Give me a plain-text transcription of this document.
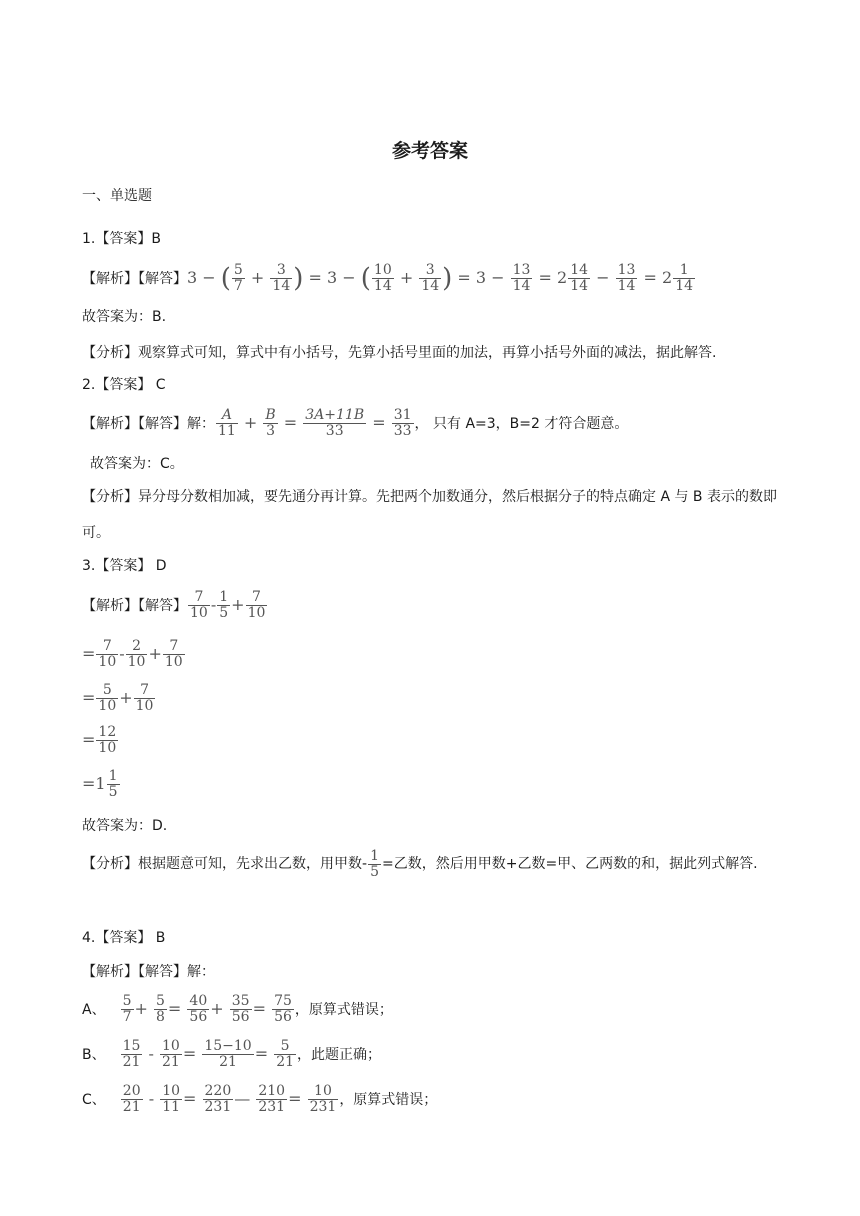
参考答案
一、单选题
1.【答案】B
【解析】【解答】3 − ( $\frac{5}{7} + \frac{3}{14}$ ) = 3 − ( $\frac{10}{14} + \frac{3}{14}$ ) = $3 - \frac{13}{14} = 2 \frac{14}{14} - \frac{13}{14} = 2 \frac{1}{14}$
故答案为：B.
【分析】观察算式可知，算式中有小括号，先算小括号里面的加法，再算小括号外面的减法，据此解答.
2.【答案】 C
【解析】【解答】解： $\frac{A}{11} + \frac{B}{3} = \frac{3A+11B}{33} = \frac{31}{33}$ ， 只有 A=3，B=2 才符合题意。
故答案为：C。
【分析】异分母分数相加减，要先通分再计算。先把两个加数通分，然后根据分子的特点确定 A 与 B 表示的数即可。
3.【答案】 D
【解析】【解答】 $\frac{7}{10} - \frac{1}{5} + \frac{7}{10}$
= $\frac{7}{10} - \frac{2}{10} + \frac{7}{10}$
= $\frac{5}{10} + \frac{7}{10}$
= $\frac{12}{10}$
$=1 \frac{1}{5}$
故答案为：D.
【分析】根据题意可知，先求出乙数，用甲数- $\frac{1}{5}$ =乙数，然后用甲数+乙数=甲、乙两数的和，据此列式解答.
4.【答案】 B
【解析】【解答】解：
A、 $\frac{5}{7} + \frac{5}{8} = \frac{40}{56} + \frac{35}{56} = \frac{75}{56}$ ，原算式错误；
B、 $\frac{15}{21} - \frac{10}{21} = \frac{15-10}{21} = \frac{5}{21}$ ，此题正确；
C、 $\frac{20}{21} - \frac{10}{11} = \frac{220}{231}$ — $\frac{210}{231} = \frac{10}{231}$ ，原算式错误；
